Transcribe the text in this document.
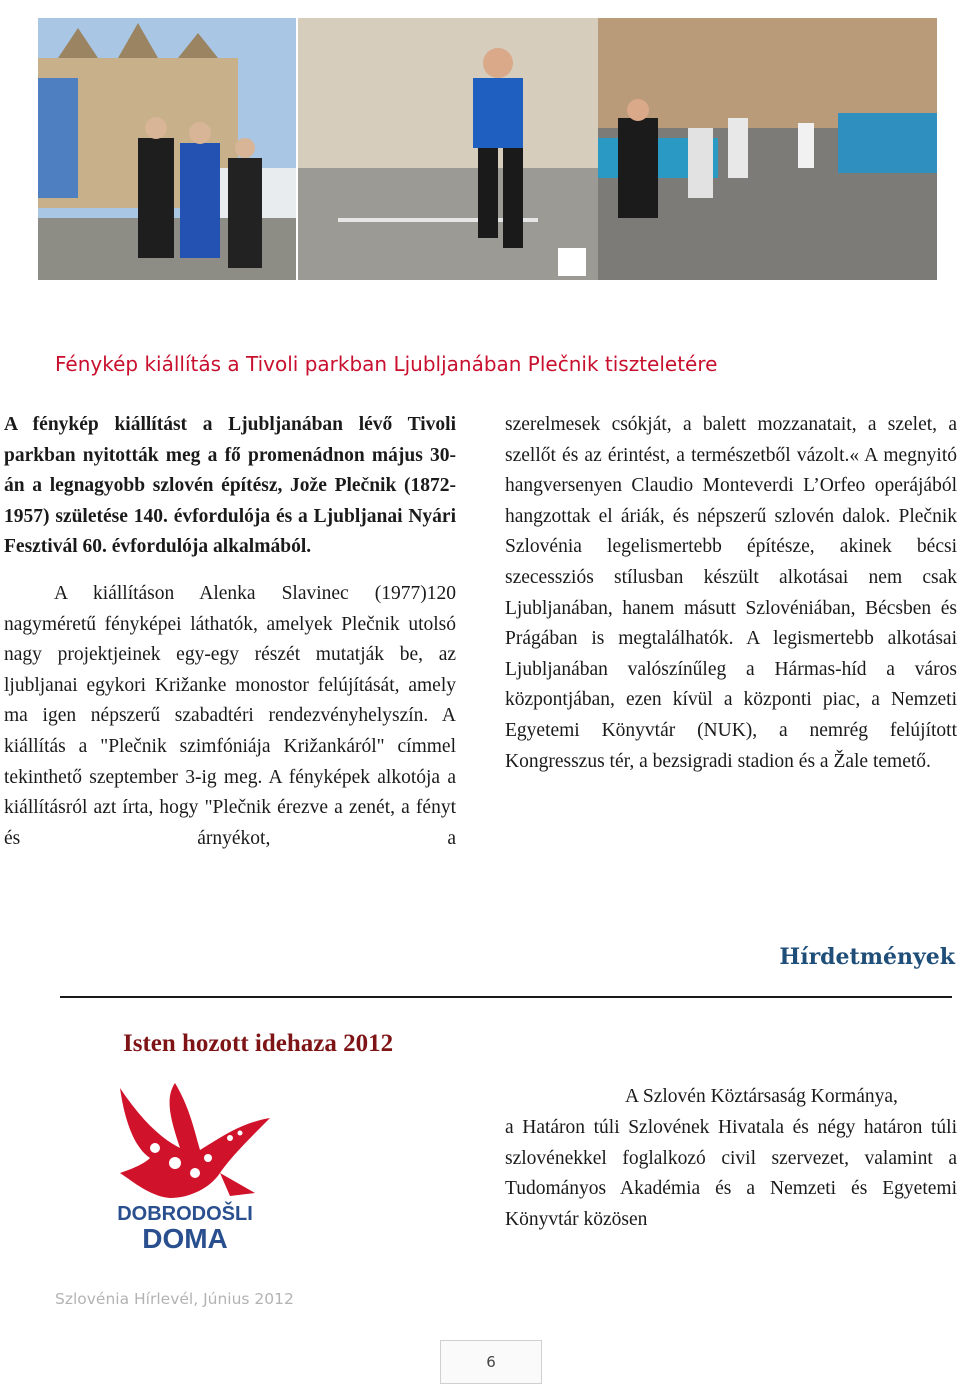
Fénykép kiállítás a Tivoli parkban Ljubljanában Plečnik tiszteletére
A fénykép kiállítást a Ljubljanában lévő Tivoli parkban nyitották meg a fő promenádnon május 30-án a legnagyobb szlovén építész, Jože Plečnik (1872-1957) születése 140. évfordulója és a Ljubljanai Nyári Fesztivál 60. évfordulója alkalmából.
A kiállításon Alenka Slavinec (1977)120 nagyméretű fényképei láthatók, amelyek Plečnik utolsó nagy projektjeinek egy-egy részét mutatják be, az ljubljanai egykori Križanke monostor felújítását, amely ma igen népszerű szabadtéri rendezvényhelyszín. A kiállítás a "Plečnik szimfóniája Križankáról" címmel tekinthető szeptember 3-ig meg. A fényképek alkotója a kiállításról azt írta, hogy "Plečnik érezve a zenét, a fényt és árnyékot, a
szerelmesek csókját, a balett mozzanatait, a szelet, a szellőt és az érintést, a természetből vázolt.« A megnyitó hangversenyen Claudio Monteverdi L’Orfeo operájából hangzottak el áriák, és népszerű szlovén dalok. Plečnik Szlovénia legelismertebb építésze, akinek bécsi szecessziós stílusban készült alkotásai nem csak Ljubljanában, hanem másutt Szlovéniában, Bécsben és Prágában is megtalálhatók. A legismertebb alkotásai Ljubljanában valószínűleg a Hármas-híd a város központjában, ezen kívül a központi piac, a Nemzeti Egyetemi Könyvtár (NUK), a nemrég felújított Kongresszus tér, a bezsigradi stadion és a Žale temető.
Hírdetmények
Isten hozott idehaza 2012
DOBRODOŠLI
DOMA
A Szlovén Köztársaság Kormánya,
a Határon túli Szlovének Hivatala és négy határon túli szlovénekkel foglalkozó civil szervezet, valamint a Tudományos Akadémia és a Nemzeti és Egyetemi Könyvtár közösen
Szlovénia Hírlevél, Június 2012
6
